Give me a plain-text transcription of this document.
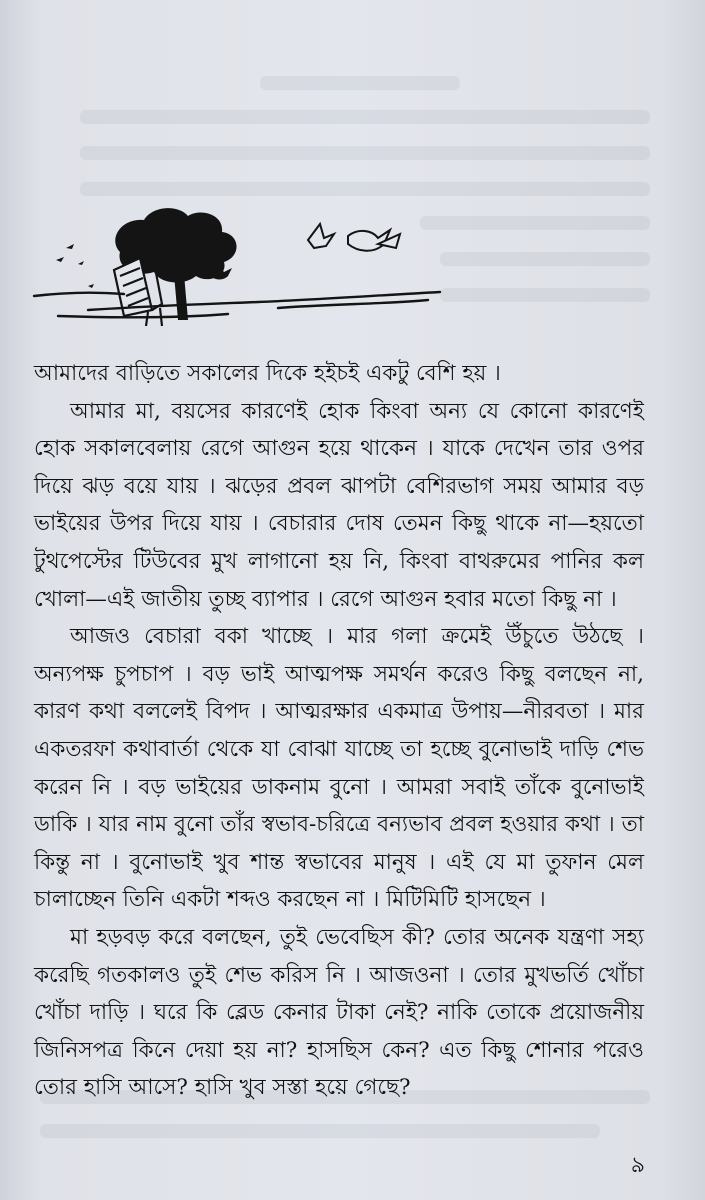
আমাদের বাড়িতে সকালের দিকে হইচই একটু বেশি হয় ।

আমার মা, বয়সের কারণেই হোক কিংবা অন্য যে কোনো কারণেই হোক সকালবেলায় রেগে আগুন হয়ে থাকেন । যাকে দেখেন তার ওপর দিয়ে ঝড় বয়ে যায় । ঝড়ের প্রবল ঝাপটা বেশিরভাগ সময় আমার বড় ভাইয়ের উপর দিয়ে যায় । বেচারার দোষ তেমন কিছু থাকে না—হয়তো টুথপেস্টের টিউবের মুখ লাগানো হয় নি, কিংবা বাথরুমের পানির কল খোলা—এই জাতীয় তুচ্ছ ব্যাপার । রেগে আগুন হবার মতো কিছু না ।

আজও বেচারা বকা খাচ্ছে । মার গলা ক্রমেই উঁচুতে উঠছে । অন্যপক্ষ চুপচাপ । বড় ভাই আত্মপক্ষ সমর্থন করেও কিছু বলছেন না, কারণ কথা বললেই বিপদ । আত্মরক্ষার একমাত্র উপায়—নীরবতা । মার একতরফা কথাবার্তা থেকে যা বোঝা যাচ্ছে তা হচ্ছে বুনোভাই দাড়ি শেভ করেন নি । বড় ভাইয়ের ডাকনাম বুনো । আমরা সবাই তাঁকে বুনোভাই ডাকি । যার নাম বুনো তাঁর স্বভাব-চরিত্রে বন্যভাব প্রবল হওয়ার কথা । তা কিন্তু না । বুনোভাই খুব শান্ত স্বভাবের মানুষ । এই যে মা তুফান মেল চালাচ্ছেন তিনি একটা শব্দও করছেন না । মিটিমিটি হাসছেন ।

মা হড়বড় করে বলছেন, তুই ভেবেছিস কী? তোর অনেক যন্ত্রণা সহ্য করেছি গতকালও তুই শেভ করিস নি । আজওনা । তোর মুখভর্তি খোঁচা খোঁচা দাড়ি । ঘরে কি ব্লেড কেনার টাকা নেই? নাকি তোকে প্রয়োজনীয় জিনিসপত্র কিনে দেয়া হয় না? হাসছিস কেন? এত কিছু শোনার পরেও তোর হাসি আসে? হাসি খুব সস্তা হয়ে গেছে?

৯
